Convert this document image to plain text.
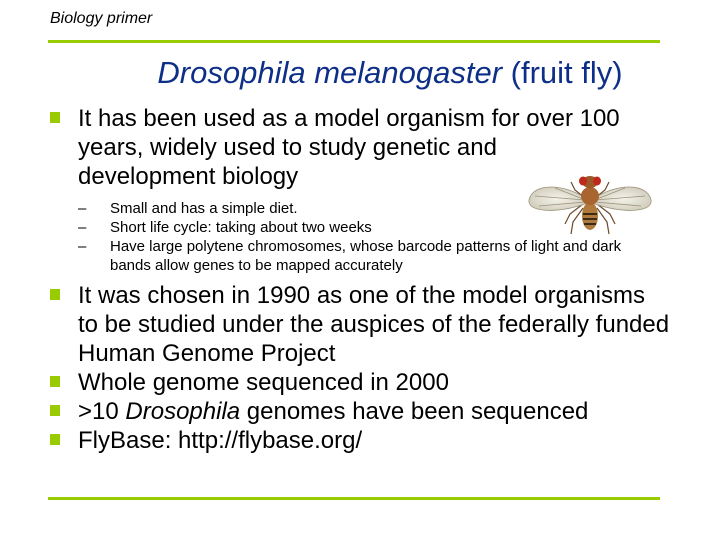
Biology primer
Drosophila melanogaster (fruit fly)
It has been used as a model organism for over 100 years, widely used to study genetic and development biology
– Small and has a simple diet.
– Short life cycle: taking about two weeks
– Have large polytene chromosomes, whose barcode patterns of light and dark bands allow genes to be mapped accurately
It was chosen in 1990 as one of the model organisms to be studied under the auspices of the federally funded Human Genome Project
Whole genome sequenced in 2000
>10 Drosophila genomes have been sequenced
FlyBase: http://flybase.org/
